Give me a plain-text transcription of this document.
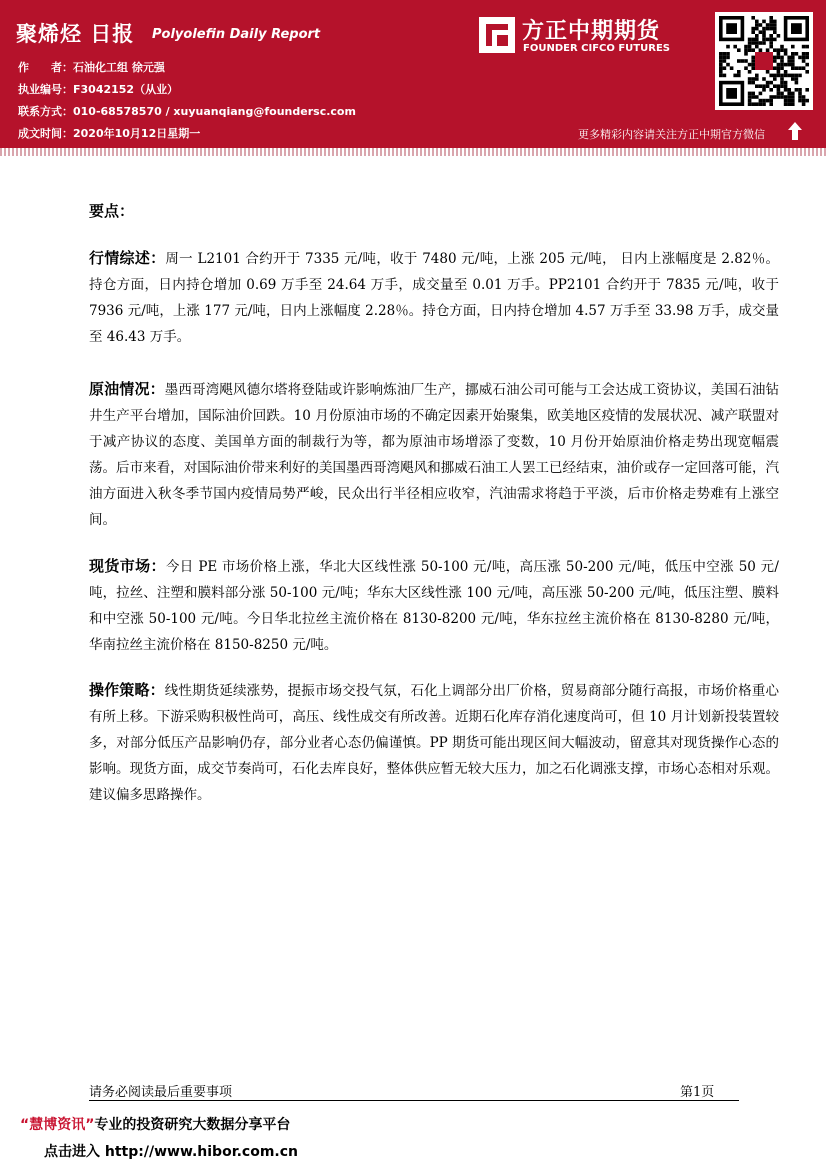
聚烯烃 日报 Polyolefin Daily Report
作　　者：石油化工组 徐元强
执业编号：F3042152（从业）
联系方式：010-68578570 / xuyuanqiang@foundersc.com
成文时间：2020年10月12日星期一
方正中期期货
FOUNDER CIFCO FUTURES
更多精彩内容请关注方正中期官方微信
要点：
行情综述：周一 L2101 合约开于 7335 元/吨，收于 7480 元/吨，上涨 205 元/吨， 日内上涨幅度是 2.82％。持仓方面，日内持仓增加 0.69 万手至 24.64 万手，成交量至 0.01 万手。PP2101 合约开于 7835 元/吨，收于 7936 元/吨，上涨 177 元/吨，日内上涨幅度 2.28％。持仓方面，日内持仓增加 4.57 万手至 33.98 万手，成交量至 46.43 万手。
原油情况：墨西哥湾飓风德尔塔将登陆或许影响炼油厂生产，挪威石油公司可能与工会达成工资协议，美国石油钻井生产平台增加，国际油价回跌。10 月份原油市场的不确定因素开始聚集，欧美地区疫情的发展状况、减产联盟对于减产协议的态度、美国单方面的制裁行为等，都为原油市场增添了变数，10 月份开始原油价格走势出现宽幅震荡。后市来看，对国际油价带来利好的美国墨西哥湾飓风和挪威石油工人罢工已经结束，油价或存一定回落可能，汽油方面进入秋冬季节国内疫情局势严峻，民众出行半径相应收窄，汽油需求将趋于平淡，后市价格走势难有上涨空间。
现货市场：今日 PE 市场价格上涨，华北大区线性涨 50-100 元/吨，高压涨 50-200 元/吨，低压中空涨 50 元/吨，拉丝、注塑和膜料部分涨 50-100 元/吨；华东大区线性涨 100 元/吨，高压涨 50-200 元/吨，低压注塑、膜料和中空涨 50-100 元/吨。今日华北拉丝主流价格在 8130-8200 元/吨，华东拉丝主流价格在 8130-8280 元/吨，华南拉丝主流价格在 8150-8250 元/吨。
操作策略：线性期货延续涨势，提振市场交投气氛，石化上调部分出厂价格，贸易商部分随行高报，市场价格重心有所上移。下游采购积极性尚可，高压、线性成交有所改善。近期石化库存消化速度尚可，但 10 月计划新投装置较多，对部分低压产品影响仍存，部分业者心态仍偏谨慎。PP 期货可能出现区间大幅波动，留意其对现货操作心态的影响。现货方面，成交节奏尚可，石化去库良好，整体供应暂无较大压力，加之石化调涨支撑，市场心态相对乐观。建议偏多思路操作。
请务必阅读最后重要事项	第1页
“慧博资讯”专业的投资研究大数据分享平台
点击进入 http://www.hibor.com.cn
